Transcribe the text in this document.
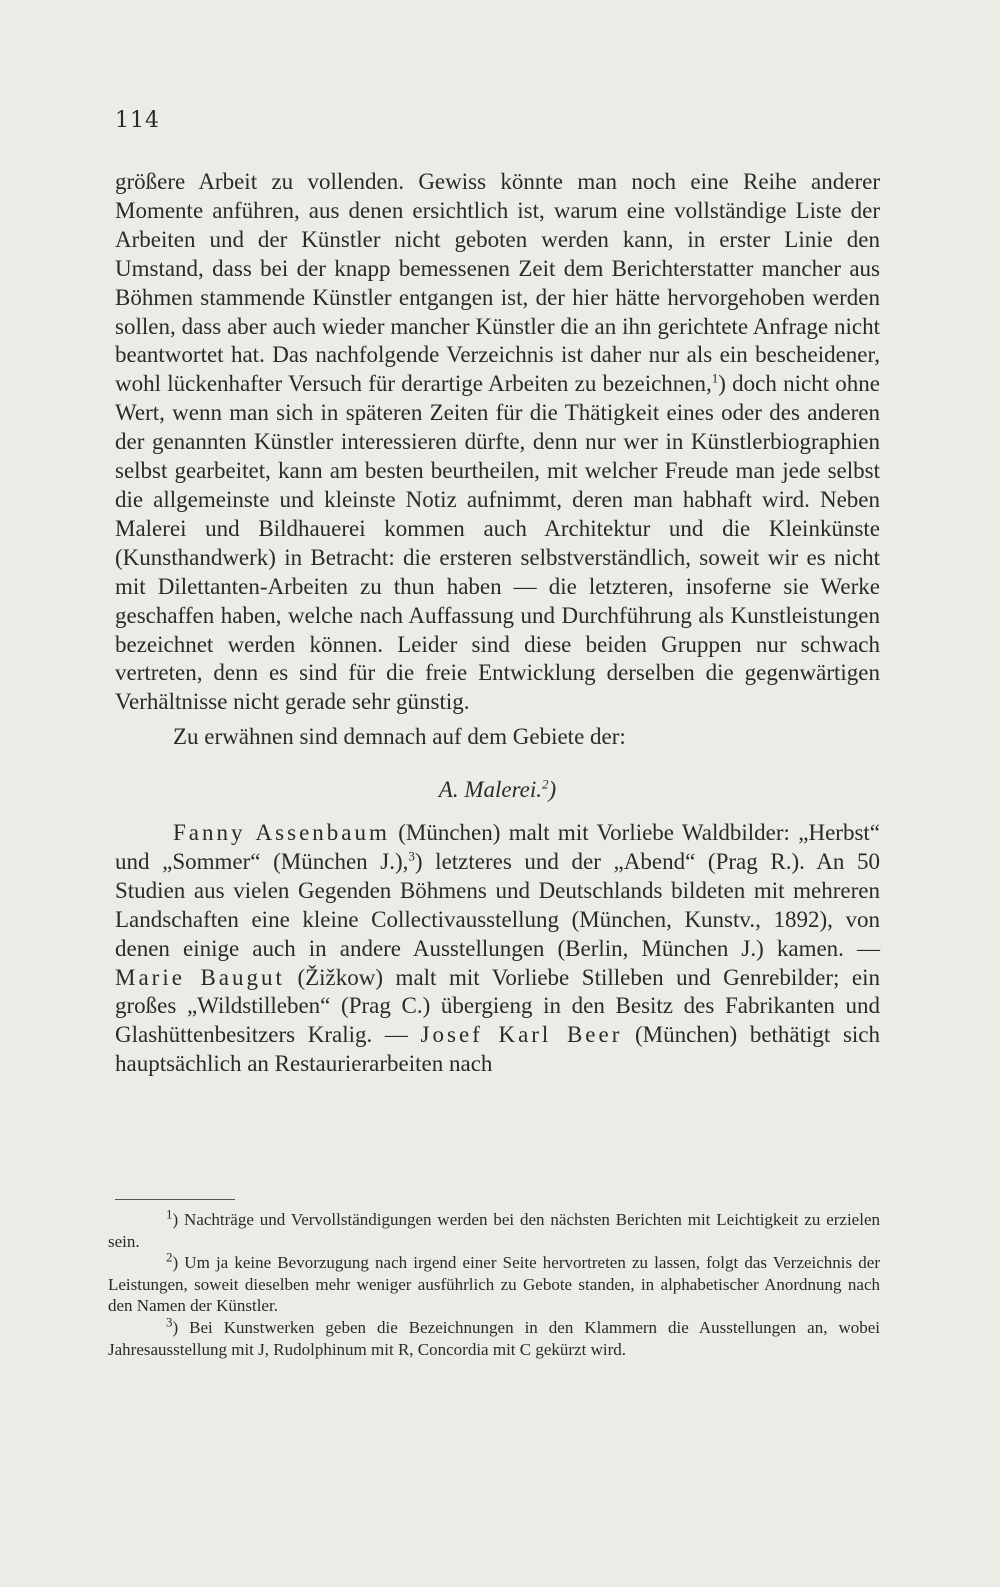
114

größere Arbeit zu vollenden. Gewiss könnte man noch eine Reihe anderer Momente anführen, aus denen ersichtlich ist, warum eine vollständige Liste der Arbeiten und der Künstler nicht geboten werden kann, in erster Linie den Umstand, dass bei der knapp bemessenen Zeit dem Berichterstatter mancher aus Böhmen stammende Künstler entgangen ist, der hier hätte hervorgehoben werden sollen, dass aber auch wieder mancher Künstler die an ihn gerichtete Anfrage nicht beantwortet hat. Das nachfolgende Verzeichnis ist daher nur als ein bescheidener, wohl lückenhafter Versuch für derartige Arbeiten zu bezeichnen,$^1$) doch nicht ohne Wert, wenn man sich in späteren Zeiten für die Thätigkeit eines oder des anderen der genannten Künstler interessieren dürfte, denn nur wer in Künstlerbiographien selbst gearbeitet, kann am besten beurtheilen, mit welcher Freude man jede selbst die allgemeinste und kleinste Notiz aufnimmt, deren man habhaft wird. Neben Malerei und Bildhauerei kommen auch Architektur und die Kleinkünste (Kunsthandwerk) in Betracht: die ersteren selbstverständlich, soweit wir es nicht mit Dilettanten-Arbeiten zu thun haben — die letzteren, insoferne sie Werke geschaffen haben, welche nach Auffassung und Durchführung als Kunstleistungen bezeichnet werden können. Leider sind diese beiden Gruppen nur schwach vertreten, denn es sind für die freie Entwicklung derselben die gegenwärtigen Verhältnisse nicht gerade sehr günstig.

Zu erwähnen sind demnach auf dem Gebiete der:

A. Malerei.$^2$)

Fanny Assenbaum (München) malt mit Vorliebe Waldbilder: „Herbst“ und „Sommer“ (München J.),$^3$) letzteres und der „Abend“ (Prag R.). An 50 Studien aus vielen Gegenden Böhmens und Deutschlands bildeten mit mehreren Landschaften eine kleine Collectivausstellung (München, Kunstv., 1892), von denen einige auch in andere Ausstellungen (Berlin, München J.) kamen. — Marie Baugut (Žižkow) malt mit Vorliebe Stilleben und Genrebilder; ein großes „Wildstilleben“ (Prag C.) übergieng in den Besitz des Fabrikanten und Glashüttenbesitzers Kralig. — Josef Karl Beer (München) bethätigt sich hauptsächlich an Restaurierarbeiten nach

$^1$) Nachträge und Vervollständigungen werden bei den nächsten Berichten mit Leichtigkeit zu erzielen sein.

$^2$) Um ja keine Bevorzugung nach irgend einer Seite hervortreten zu lassen, folgt das Verzeichnis der Leistungen, soweit dieselben mehr weniger ausführlich zu Gebote standen, in alphabetischer Anordnung nach den Namen der Künstler.

$^3$) Bei Kunstwerken geben die Bezeichnungen in den Klammern die Ausstellungen an, wobei Jahresausstellung mit J, Rudolphinum mit R, Concordia mit C gekürzt wird.
